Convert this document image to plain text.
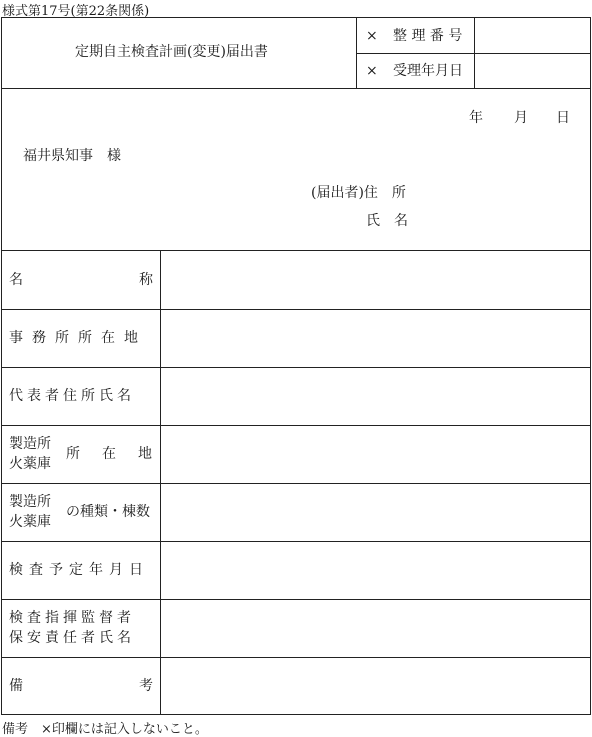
様式第17号(第22条関係)
定期自主検査計画(変更)届出書
× 整 理 番 号
× 受理年月日
年 月 日
福井県知事　様
(届出者)住　所
氏　名
名	称
事務所所在地
代表者住所氏名
製造所
火薬庫
所 在 地
製造所
火薬庫
の種類・棟数
検査予定年月日
検査指揮監督者
保安責任者氏名
備	考
備考　×印欄には記入しないこと。
